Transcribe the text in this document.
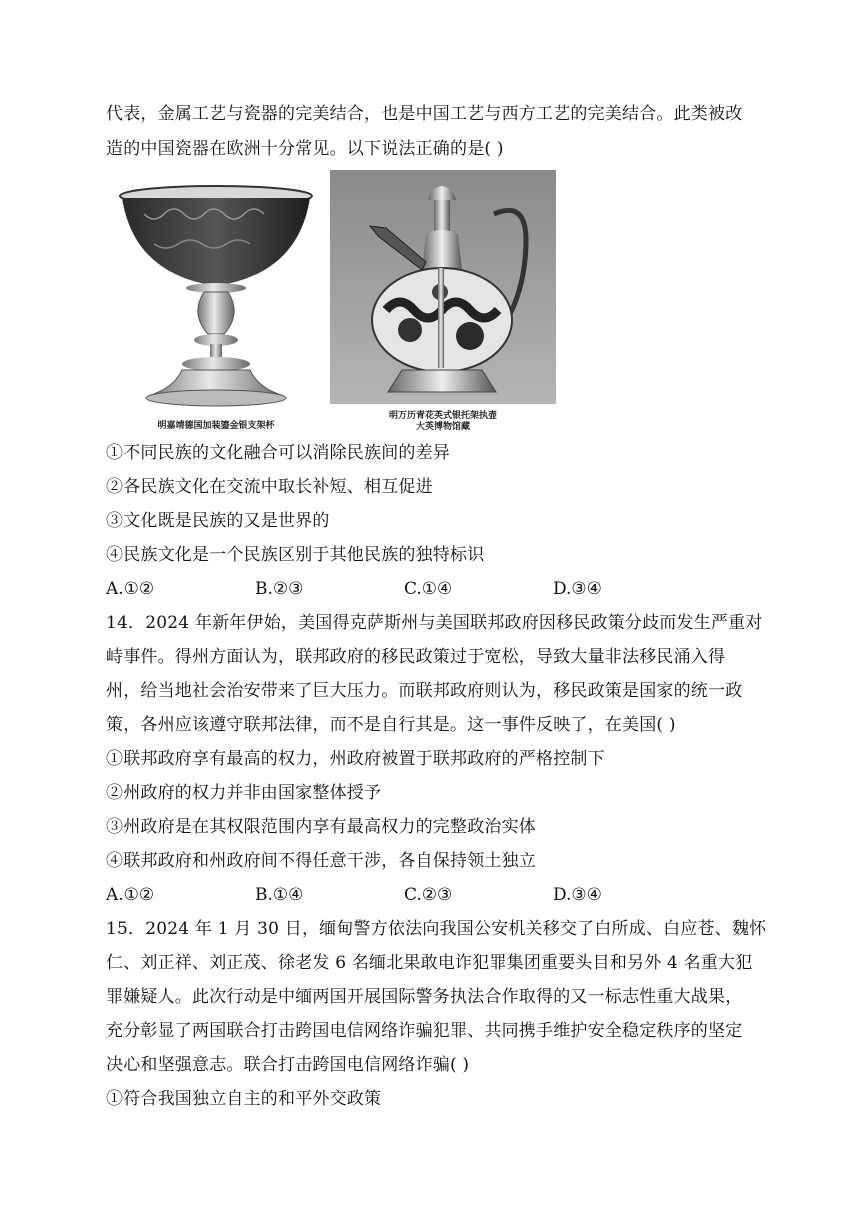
代表，金属工艺与瓷器的完美结合，也是中国工艺与西方工艺的完美结合。此类被改
造的中国瓷器在欧洲十分常见。以下说法正确的是( )
明嘉靖德国加装鎏金银支架杯
明万历青花英式银托架执壶
大英博物馆藏
①不同民族的文化融合可以消除民族间的差异
②各民族文化在交流中取长补短、相互促进
③文化既是民族的又是世界的
④民族文化是一个民族区别于其他民族的独特标识
A.①②	B.②③	C.①④	D.③④
14．2024 年新年伊始，美国得克萨斯州与美国联邦政府因移民政策分歧而发生严重对
峙事件。得州方面认为，联邦政府的移民政策过于宽松，导致大量非法移民涌入得
州，给当地社会治安带来了巨大压力。而联邦政府则认为，移民政策是国家的统一政
策，各州应该遵守联邦法律，而不是自行其是。这一事件反映了，在美国( )
①联邦政府享有最高的权力，州政府被置于联邦政府的严格控制下
②州政府的权力并非由国家整体授予
③州政府是在其权限范围内享有最高权力的完整政治实体
④联邦政府和州政府间不得任意干涉，各自保持领土独立
A.①②	B.①④	C.②③	D.③④
15．2024 年 1 月 30 日，缅甸警方依法向我国公安机关移交了白所成、白应苍、魏怀
仁、刘正祥、刘正茂、徐老发 6 名缅北果敢电诈犯罪集团重要头目和另外 4 名重大犯
罪嫌疑人。此次行动是中缅两国开展国际警务执法合作取得的又一标志性重大战果，
充分彰显了两国联合打击跨国电信网络诈骗犯罪、共同携手维护安全稳定秩序的坚定
决心和坚强意志。联合打击跨国电信网络诈骗( )
①符合我国独立自主的和平外交政策
